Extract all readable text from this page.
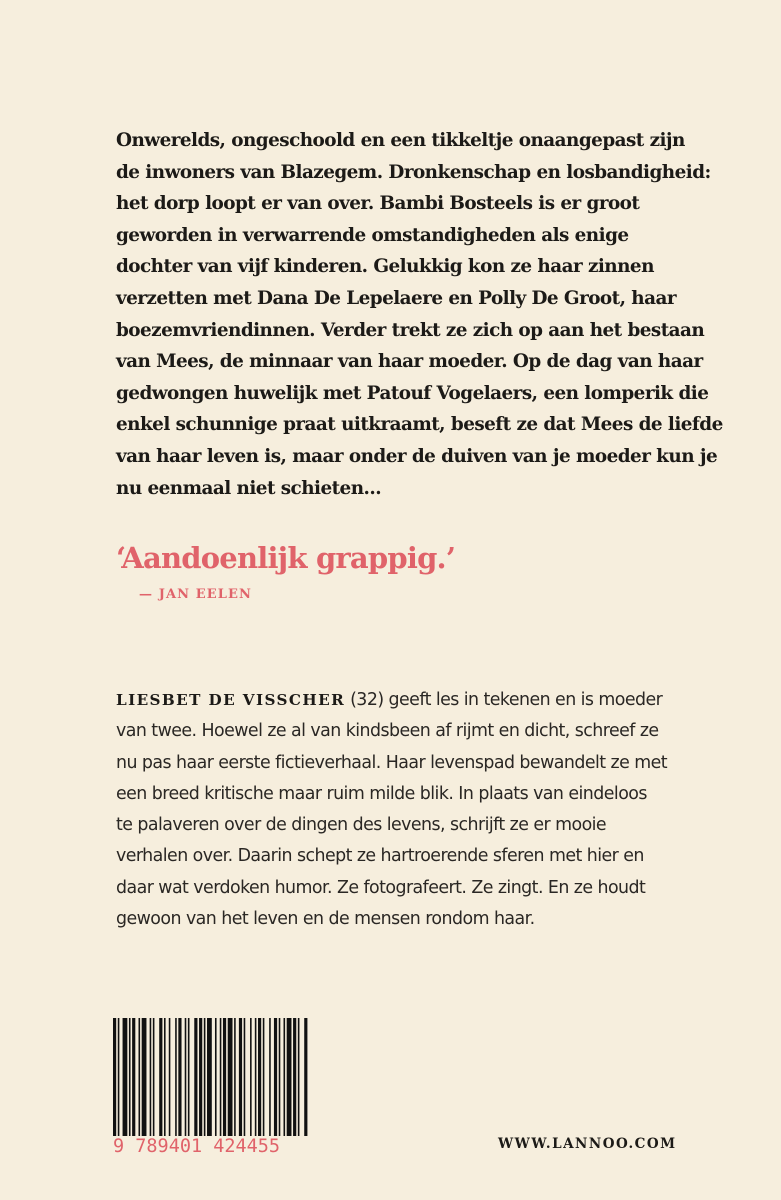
Onwerelds, ongeschoold en een tikkeltje onaangepast zijn
de inwoners van Blazegem. Dronkenschap en losbandigheid:
het dorp loopt er van over. Bambi Bosteels is er groot
geworden in verwarrende omstandigheden als enige
dochter van vijf kinderen. Gelukkig kon ze haar zinnen
verzetten met Dana De Lepelaere en Polly De Groot, haar
boezemvriendinnen. Verder trekt ze zich op aan het bestaan
van Mees, de minnaar van haar moeder. Op de dag van haar
gedwongen huwelijk met Patouf Vogelaers, een lomperik die
enkel schunnige praat uitkraamt, beseft ze dat Mees de liefde
van haar leven is, maar onder de duiven van je moeder kun je
nu eenmaal niet schieten...
‘Aandoenlijk grappig.’
— JAN EELEN
LIESBET DE VISSCHER (32) geeft les in tekenen en is moeder
van twee. Hoewel ze al van kindsbeen af rijmt en dicht, schreef ze
nu pas haar eerste fictieverhaal. Haar levenspad bewandelt ze met
een breed kritische maar ruim milde blik. In plaats van eindeloos
te palaveren over de dingen des levens, schrijft ze er mooie
verhalen over. Daarin schept ze hartroerende sferen met hier en
daar wat verdoken humor. Ze fotografeert. Ze zingt. En ze houdt
gewoon van het leven en de mensen rondom haar.
9 789401 424455	WWW.LANNOO.COM
